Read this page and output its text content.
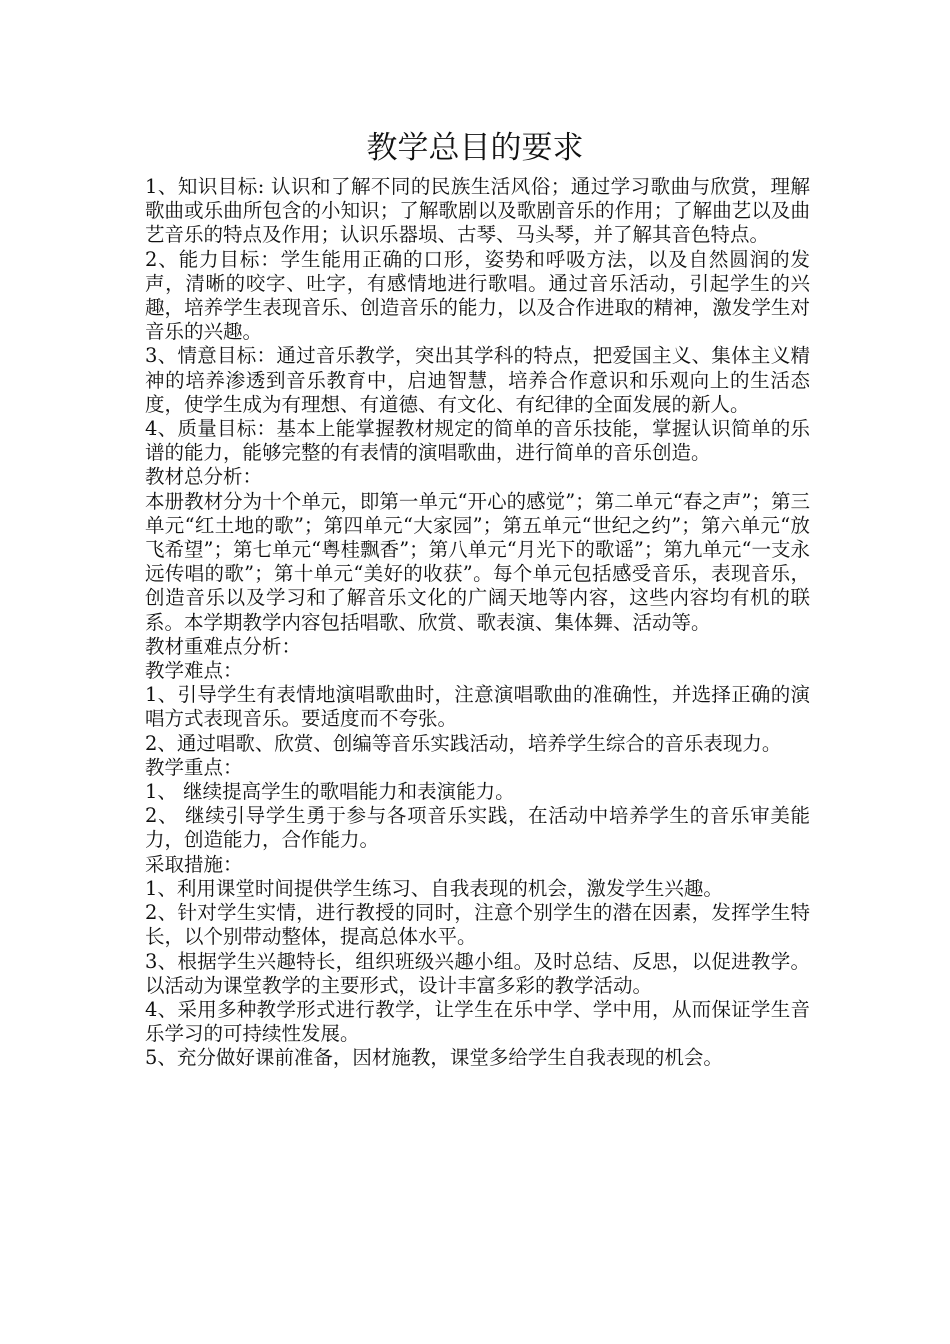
教学总目的要求

1、知识目标: 认识和了解不同的民族生活风俗；通过学习歌曲与欣赏，理解歌曲或乐曲所包含的小知识；了解歌剧以及歌剧音乐的作用；了解曲艺以及曲艺音乐的特点及作用；认识乐器埙、古琴、马头琴，并了解其音色特点。

2、能力目标：学生能用正确的口形，姿势和呼吸方法，以及自然圆润的发声，清晰的咬字、吐字，有感情地进行歌唱。通过音乐活动，引起学生的兴趣，培养学生表现音乐、创造音乐的能力，以及合作进取的精神，激发学生对音乐的兴趣。

3、情意目标：通过音乐教学，突出其学科的特点，把爱国主义、集体主义精神的培养渗透到音乐教育中，启迪智慧，培养合作意识和乐观向上的生活态度，使学生成为有理想、有道德、有文化、有纪律的全面发展的新人。

4、质量目标：基本上能掌握教材规定的简单的音乐技能，掌握认识简单的乐谱的能力，能够完整的有表情的演唱歌曲，进行简单的音乐创造。

教材总分析：

本册教材分为十个单元，即第一单元“开心的感觉”；第二单元“春之声”；第三单元“红土地的歌”；第四单元“大家园”；第五单元“世纪之约”；第六单元“放飞希望”；第七单元“粤桂飘香”；第八单元“月光下的歌谣”；第九单元“一支永远传唱的歌”；第十单元“美好的收获”。每个单元包括感受音乐，表现音乐，创造音乐以及学习和了解音乐文化的广阔天地等内容，这些内容均有机的联系。本学期教学内容包括唱歌、欣赏、歌表演、集体舞、活动等。

教材重难点分析：

教学难点：

1、引导学生有表情地演唱歌曲时，注意演唱歌曲的准确性，并选择正确的演唱方式表现音乐。要适度而不夸张。

2、通过唱歌、欣赏、创编等音乐实践活动，培养学生综合的音乐表现力。

教学重点：

1、 继续提高学生的歌唱能力和表演能力。

2、 继续引导学生勇于参与各项音乐实践，在活动中培养学生的音乐审美能力，创造能力，合作能力。

采取措施：

1、利用课堂时间提供学生练习、自我表现的机会，激发学生兴趣。

2、针对学生实情，进行教授的同时，注意个别学生的潜在因素，发挥学生特长，以个别带动整体，提高总体水平。

3、根据学生兴趣特长，组织班级兴趣小组。及时总结、反思，以促进教学。以活动为课堂教学的主要形式，设计丰富多彩的教学活动。

4、采用多种教学形式进行教学，让学生在乐中学、学中用，从而保证学生音乐学习的可持续性发展。

5、充分做好课前准备，因材施教，课堂多给学生自我表现的机会。
